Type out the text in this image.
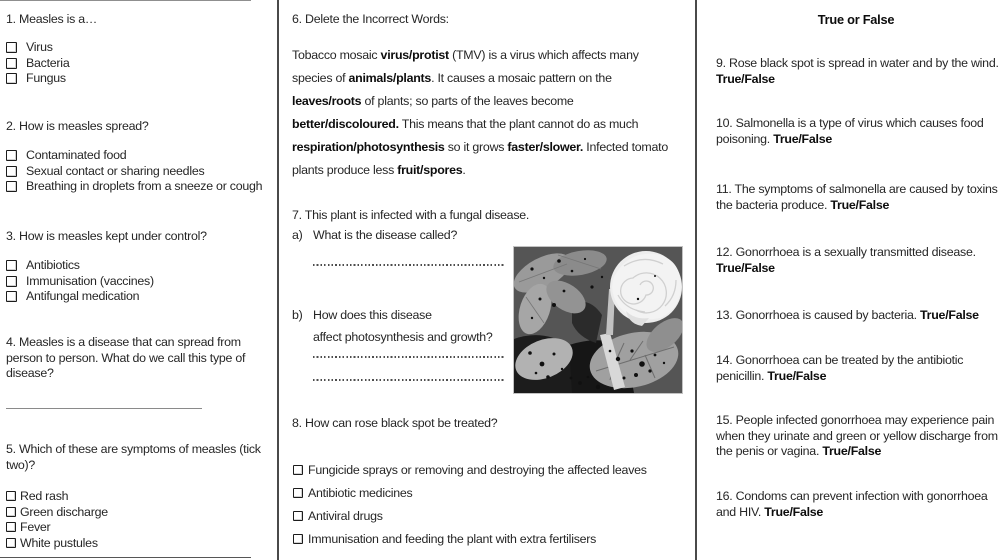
1. Measles is a…
Virus
Bacteria
Fungus
2. How is measles spread?
Contaminated food
Sexual contact or sharing needles
Breathing in droplets from a sneeze or cough
3. How is measles kept under control?
Antibiotics
Immunisation (vaccines)
Antifungal medication
4. Measles is a disease that can spread from
person to person. What do we call this type of
disease?
5. Which of these are symptoms of measles (tick
two)?
Red rash
Green discharge
Fever
White pustules
6. Delete the Incorrect Words:
Tobacco mosaic virus/protist (TMV) is a virus which affects many
species of animals/plants. It causes a mosaic pattern on the
leaves/roots of plants; so parts of the leaves become
better/discoloured. This means that the plant cannot do as much
respiration/photosynthesis so it grows faster/slower. Infected tomato
plants produce less fruit/spores.
7. This plant is infected with a fungal disease.
a) What is the disease called?
b) How does this disease
affect photosynthesis and growth?
8. How can rose black spot be treated?
Fungicide sprays or removing and destroying the affected leaves
Antibiotic medicines
Antiviral drugs
Immunisation and feeding the plant with extra fertilisers
True or False
9. Rose black spot is spread in water and by the wind.
True/False
10. Salmonella is a type of virus which causes food
poisoning. True/False
11. The symptoms of salmonella are caused by toxins
the bacteria produce. True/False
12. Gonorrhoea is a sexually transmitted disease.
True/False
13. Gonorrhoea is caused by bacteria. True/False
14. Gonorrhoea can be treated by the antibiotic
penicillin. True/False
15. People infected gonorrhoea may experience pain
when they urinate and green or yellow discharge from
the penis or vagina. True/False
16. Condoms can prevent infection with gonorrhoea
and HIV. True/False
